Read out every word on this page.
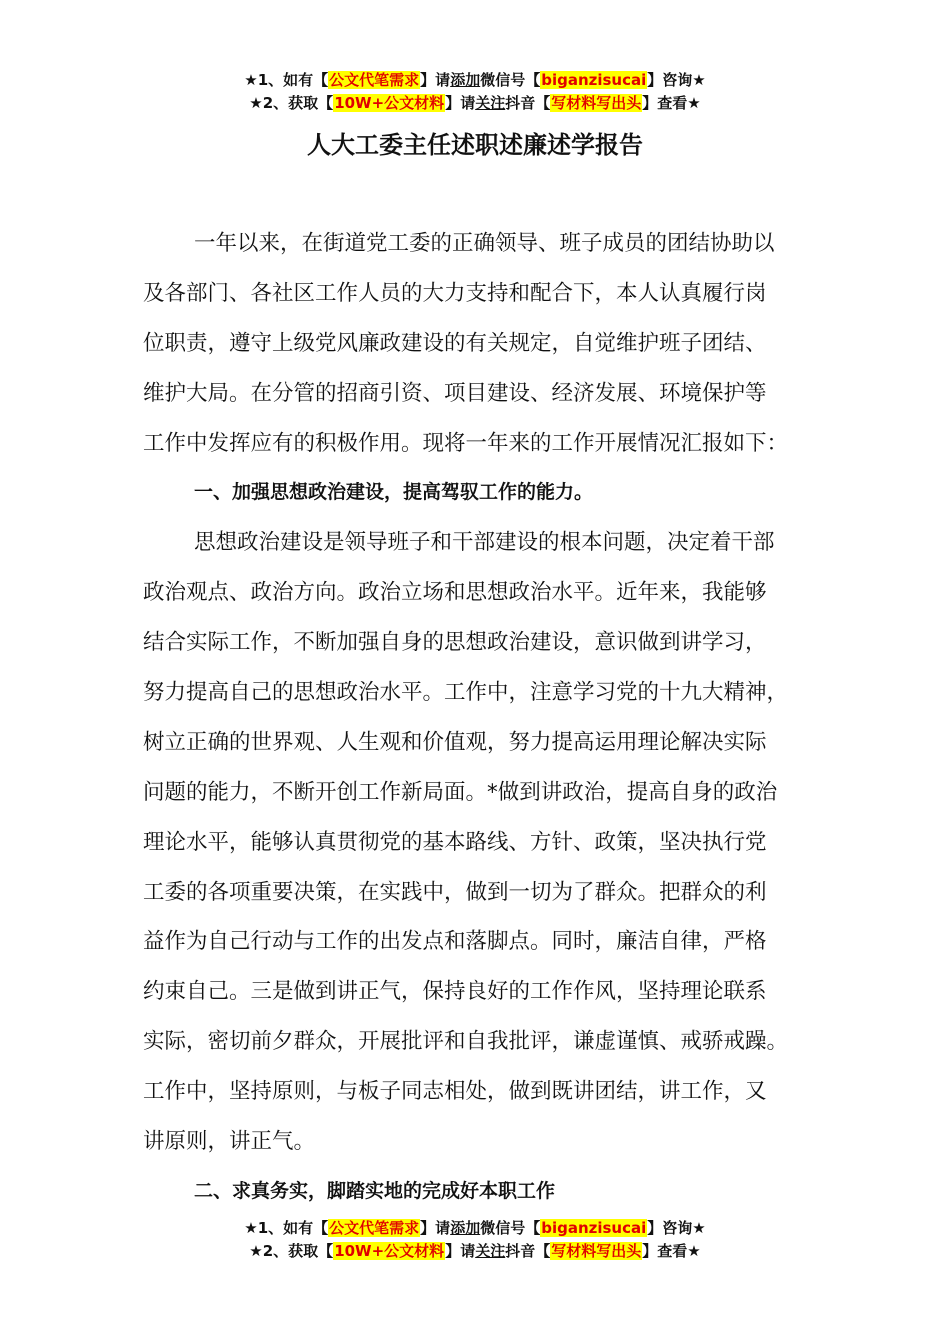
★1、如有【公文代笔需求】请添加微信号【biganzisucai】咨询★
★2、获取【10W+公文材料】请关注抖音【写材料写出头】查看★
人大工委主任述职述廉述学报告
一年以来，在街道党工委的正确领导、班子成员的团结协助以
及各部门、各社区工作人员的大力支持和配合下，本人认真履行岗
位职责，遵守上级党风廉政建设的有关规定，自觉维护班子团结、
维护大局。在分管的招商引资、项目建设、经济发展、环境保护等
工作中发挥应有的积极作用。现将一年来的工作开展情况汇报如下：
一、加强思想政治建设，提高驾驭工作的能力。
思想政治建设是领导班子和干部建设的根本问题，决定着干部
政治观点、政治方向。政治立场和思想政治水平。近年来，我能够
结合实际工作，不断加强自身的思想政治建设，意识做到讲学习，
努力提高自己的思想政治水平。工作中，注意学习党的十九大精神，
树立正确的世界观、人生观和价值观，努力提高运用理论解决实际
问题的能力，不断开创工作新局面。*做到讲政治，提高自身的政治
理论水平，能够认真贯彻党的基本路线、方针、政策，坚决执行党
工委的各项重要决策，在实践中，做到一切为了群众。把群众的利
益作为自己行动与工作的出发点和落脚点。同时，廉洁自律，严格
约束自己。三是做到讲正气，保持良好的工作作风，坚持理论联系
实际，密切前夕群众，开展批评和自我批评，谦虚谨慎、戒骄戒躁。
工作中，坚持原则，与板子同志相处，做到既讲团结，讲工作，又
讲原则，讲正气。
二、求真务实，脚踏实地的完成好本职工作
★1、如有【公文代笔需求】请添加微信号【biganzisucai】咨询★
★2、获取【10W+公文材料】请关注抖音【写材料写出头】查看★
